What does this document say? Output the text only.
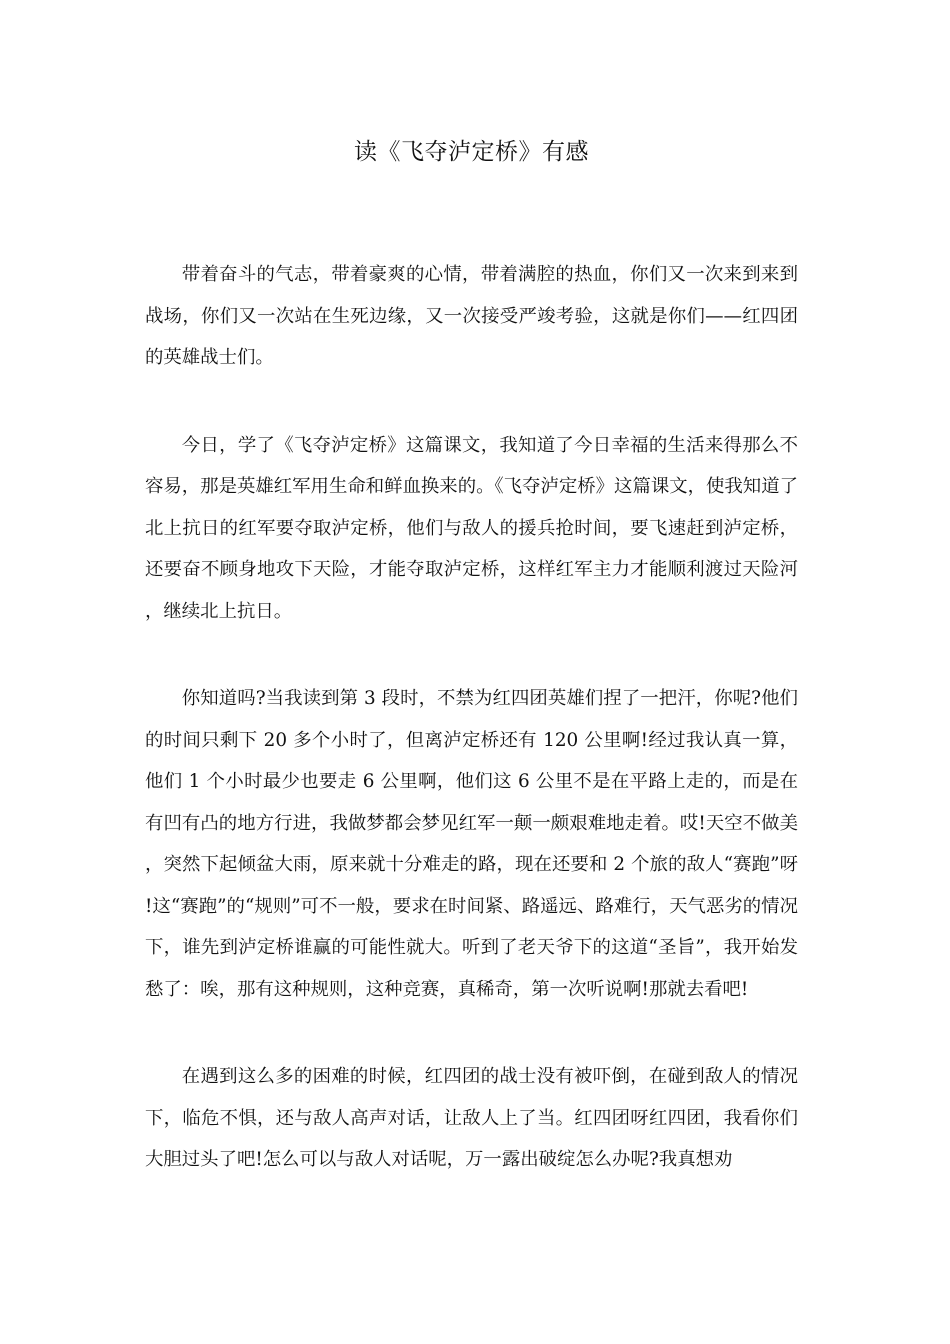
读《飞夺泸定桥》有感

带着奋斗的气志，带着豪爽的心情，带着满腔的热血，你们又一次来到来到战场，你们又一次站在生死边缘，又一次接受严竣考验，这就是你们——红四团的英雄战士们。

今日，学了《飞夺泸定桥》这篇课文，我知道了今日幸福的生活来得那么不容易，那是英雄红军用生命和鲜血换来的。《飞夺泸定桥》这篇课文，使我知道了北上抗日的红军要夺取泸定桥，他们与敌人的援兵抢时间，要飞速赶到泸定桥，还要奋不顾身地攻下天险，才能夺取泸定桥，这样红军主力才能顺利渡过天险河，继续北上抗日。

你知道吗?当我读到第 3 段时，不禁为红四团英雄们捏了一把汗，你呢?他们的时间只剩下 20 多个小时了，但离泸定桥还有 120 公里啊!经过我认真一算，他们 1 个小时最少也要走 6 公里啊，他们这 6 公里不是在平路上走的，而是在有凹有凸的地方行进，我做梦都会梦见红军一颠一颇艰难地走着。哎!天空不做美，突然下起倾盆大雨，原来就十分难走的路，现在还要和 2 个旅的敌人“赛跑”呀!这“赛跑”的“规则”可不一般，要求在时间紧、路遥远、路难行，天气恶劣的情况下，谁先到泸定桥谁赢的可能性就大。听到了老天爷下的这道“圣旨”，我开始发愁了：唉，那有这种规则，这种竞赛，真稀奇，第一次听说啊!那就去看吧!

在遇到这么多的困难的时候，红四团的战士没有被吓倒，在碰到敌人的情况下，临危不惧，还与敌人高声对话，让敌人上了当。红四团呀红四团，我看你们大胆过头了吧!怎么可以与敌人对话呢，万一露出破绽怎么办呢?我真想劝
